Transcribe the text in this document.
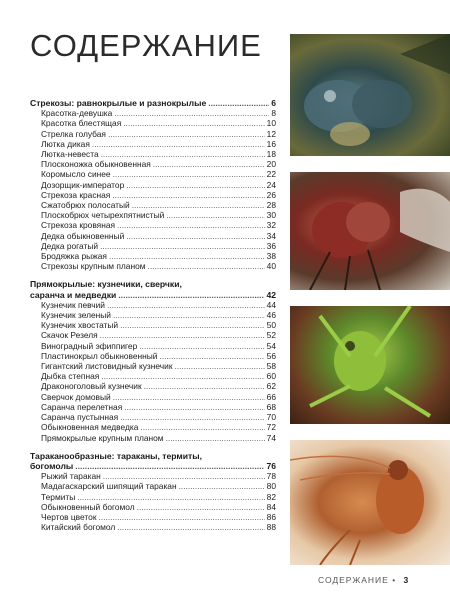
СОДЕРЖАНИЕ
Стрекозы: равнокрылые и разнокрылые .....	6
Красотка-девушка .....	8
Красотка блестящая .....	10
Стрелка голубая .....	12
Лютка дикая .....	16
Лютка-невеста .....	18
Плосконожка обыкновенная .....	20
Коромысло синее .....	22
Дозорщик-император .....	24
Стрекоза красная .....	26
Сжатобрюх полосатый .....	28
Плоскобрюх четырехпятнистый .....	30
Стрекоза кровяная .....	32
Дедка обыкновенный .....	34
Дедка рогатый .....	36
Бродяжка рыжая .....	38
Стрекозы крупным планом .....	40
Прямокрылые: кузнечики, сверчки,
саранча и медведки .....	42
Кузнечик певчий .....	44
Кузнечик зеленый .....	46
Кузнечик хвостатый .....	50
Скачок Резеля .....	52
Виноградный эфиппигер .....	54
Пластинокрыл обыкновенный .....	56
Гигантский листовидный кузнечик .....	58
Дыбка степная .....	60
Драконоголовый кузнечик .....	62
Сверчок домовый .....	66
Саранча перелетная .....	68
Саранча пустынная .....	70
Обыкновенная медведка .....	72
Прямокрылые крупным планом .....	74
Тараканообразные: тараканы, термиты,
богомолы .....	76
Рыжий таракан .....	78
Мадагаскарский шипящий таракан .....	80
Термиты .....	82
Обыкновенный богомол .....	84
Чертов цветок .....	86
Китайский богомол .....	88
СОДЕРЖАНИЕ • 3
